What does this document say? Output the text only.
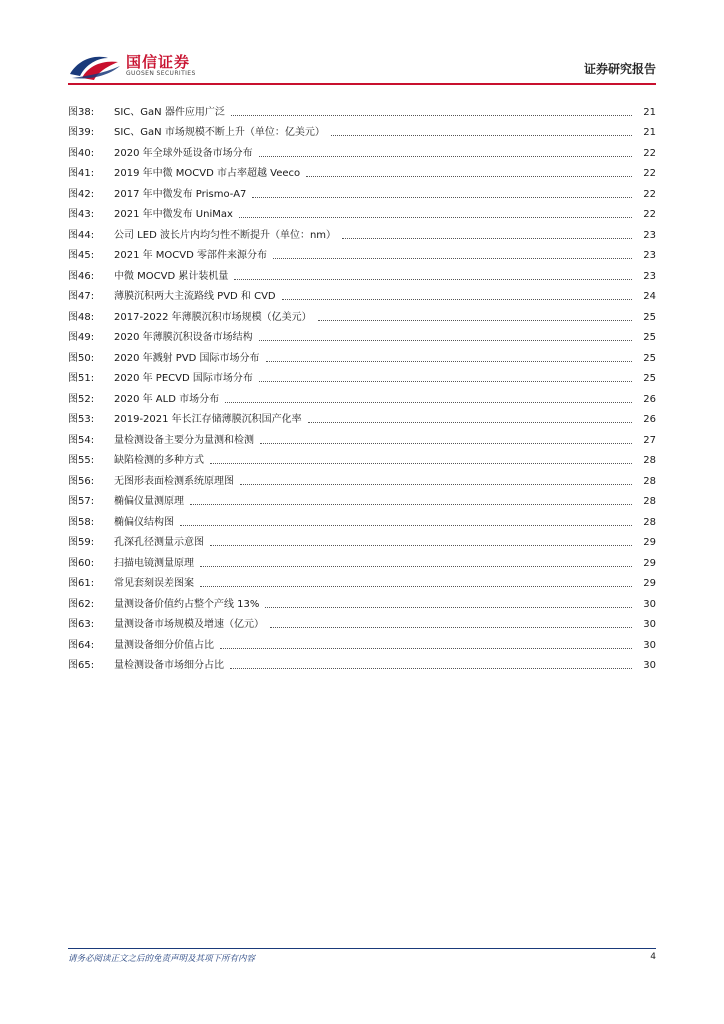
国信证券
GUOSEN SECURITIES	证券研究报告
图38:	SIC、GaN 器件应用广泛	21
图39:	SIC、GaN 市场规模不断上升（单位：亿美元）	21
图40:	2020 年全球外延设备市场分布	22
图41:	2019 年中微 MOCVD 市占率超越 Veeco	22
图42:	2017 年中微发布 Prismo-A7	22
图43:	2021 年中微发布 UniMax	22
图44:	公司 LED 波长片内均匀性不断提升（单位：nm）	23
图45:	2021 年 MOCVD 零部件来源分布	23
图46:	中微 MOCVD 累计装机量	23
图47:	薄膜沉积两大主流路线 PVD 和 CVD	24
图48:	2017-2022 年薄膜沉积市场规模（亿美元）	25
图49:	2020 年薄膜沉积设备市场结构	25
图50:	2020 年溅射 PVD 国际市场分布	25
图51:	2020 年 PECVD 国际市场分布	25
图52:	2020 年 ALD 市场分布	26
图53:	2019-2021 年长江存储薄膜沉积国产化率	26
图54:	量检测设备主要分为量测和检测	27
图55:	缺陷检测的多种方式	28
图56:	无图形表面检测系统原理图	28
图57:	椭偏仪量测原理	28
图58:	椭偏仪结构图	28
图59:	孔深孔径测量示意图	29
图60:	扫描电镜测量原理	29
图61:	常见套刻误差图案	29
图62:	量测设备价值约占整个产线 13%	30
图63:	量测设备市场规模及增速（亿元）	30
图64:	量测设备细分价值占比	30
图65:	量检测设备市场细分占比	30
请务必阅读正文之后的免责声明及其项下所有内容	4
